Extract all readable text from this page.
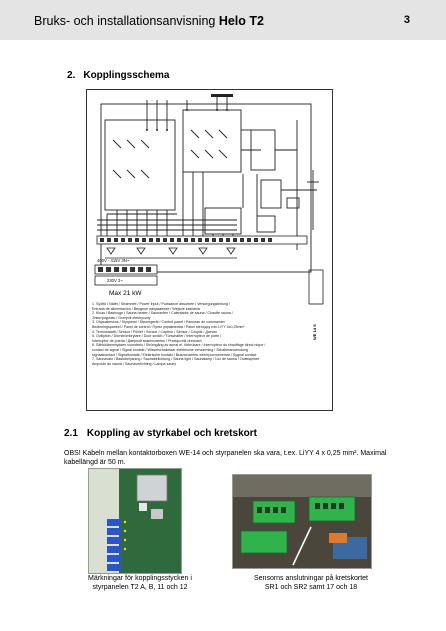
Bruks- och installationsanvisning Helo T2	3
2. Kopplingsschema
400V - 415V 3N~
230V 3~
Max 21 kW
WE 14 S
1. Syöttö / Nätet / Strømnett / Power input / Puissance absorbée / Versorgungsleitung /
Entrada de alimentación / Вводное напряжение / Wejście zasilania
2. Kiuas / Bastuugn / Sauna heater / Saunaofen / Calentador de sauna / Chauffe sauna /
Электроуровь / Grzejnik elektryczny
3. Ohjauskeskus / Styrpanel / Steuergerät / Control panel / Panneau de commande/
Bedieningspaneel / Panel de control / Пульт управления / Panel sterujący min.LiYY 4x0,25mm²
4. Termostaatti / Sensor / Fühler / Sensor / Capteur / Sensor / Czujnik / Датчик
5. Ovikytkin / Dörrströmbrytare / Door switch / Türschalter / Interrupteur de porte /
Interruptor de puerta / Дверной выключатель / Przełącznik drzwiach
6. Sähkölämmityksen vuorottelu / Strömgång av annat el. förbrukare / Interrupteur du chauffage direct nique /
contact de signal / Signal kontakt / Wisselschakelaar elektrische verwarming / Schalteranwendung
signaalcontact / Signalkontakt / Elektrische kontakt / Выключатель электроотопления / Sygnał contact
7. Saunavalo / Bastubelysning / Saunabelichtung / Sauna light / Saunalamp / Luz de sauna / Освещение
Ampoule du sauna / Saunaverlichting / Lampa sauny
2.1 Koppling av styrkabel och kretskort
OBS! Kabeln mellan kontaktorboxen WE-14 och styrpanelen ska vara, t.ex. LiYY 4 x 0,25 mm². Maximal kabellängd är 50 m.
Märkningar för kopplingsstycken i
styrpanelen T2 A, B, 11 och 12
Sensorns anslutningar på kretskortet
SR1 och SR2 samt 17 och 18
